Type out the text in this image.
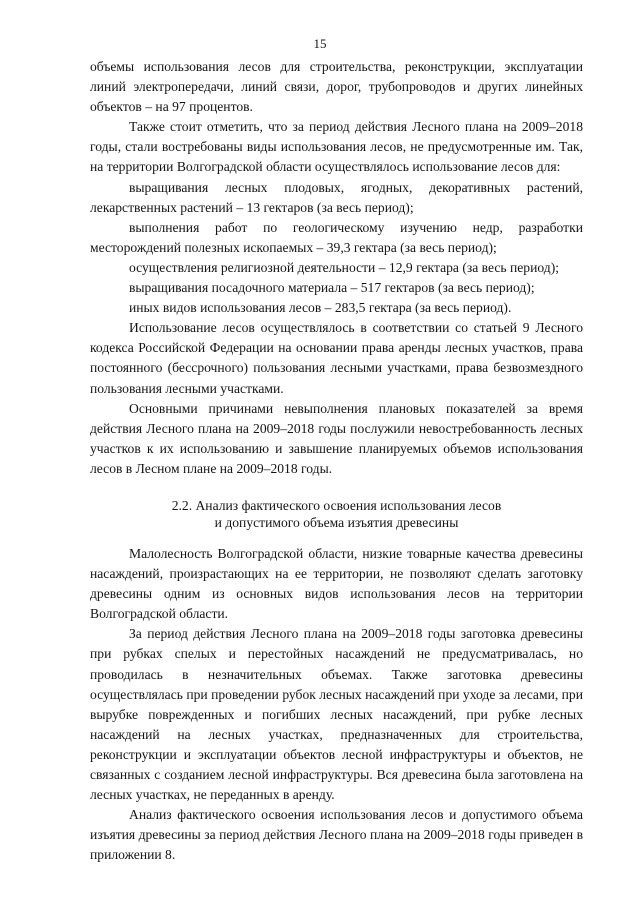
15

объемы использования лесов для строительства, реконструкции, эксплуатации линий электропередачи, линий связи, дорог, трубопроводов и других линейных объектов – на 97 процентов.

Также стоит отметить, что за период действия Лесного плана на 2009–2018 годы, стали востребованы виды использования лесов, не предусмотренные им. Так, на территории Волгоградской области осуществлялось использование лесов для:

выращивания лесных плодовых, ягодных, декоративных растений, лекарственных растений – 13 гектаров (за весь период);

выполнения работ по геологическому изучению недр, разработки месторождений полезных ископаемых – 39,3 гектара (за весь период);

осуществления религиозной деятельности – 12,9 гектара (за весь период);

выращивания посадочного материала – 517 гектаров (за весь период);

иных видов использования лесов – 283,5 гектара (за весь период).

Использование лесов осуществлялось в соответствии со статьей 9 Лесного кодекса Российской Федерации на основании права аренды лесных участков, права постоянного (бессрочного) пользования лесными участками, права безвозмездного пользования лесными участками.

Основными причинами невыполнения плановых показателей за время действия Лесного плана на 2009–2018 годы послужили невостребованность лесных участков к их использованию и завышение планируемых объемов использования лесов в Лесном плане на 2009–2018 годы.

2.2. Анализ фактического освоения использования лесов
и допустимого объема изъятия древесины

Малолесность Волгоградской области, низкие товарные качества древесины насаждений, произрастающих на ее территории, не позволяют сделать заготовку древесины одним из основных видов использования лесов на территории Волгоградской области.

За период действия Лесного плана на 2009–2018 годы заготовка древесины при рубках спелых и перестойных насаждений не предусматривалась, но проводилась в незначительных объемах. Также заготовка древесины осуществлялась при проведении рубок лесных насаждений при уходе за лесами, при вырубке поврежденных и погибших лесных насаждений, при рубке лесных насаждений на лесных участках, предназначенных для строительства, реконструкции и эксплуатации объектов лесной инфраструктуры и объектов, не связанных с созданием лесной инфраструктуры. Вся древесина была заготовлена на лесных участках, не переданных в аренду.

Анализ фактического освоения использования лесов и допустимого объема изъятия древесины за период действия Лесного плана на 2009–2018 годы приведен в приложении 8.
